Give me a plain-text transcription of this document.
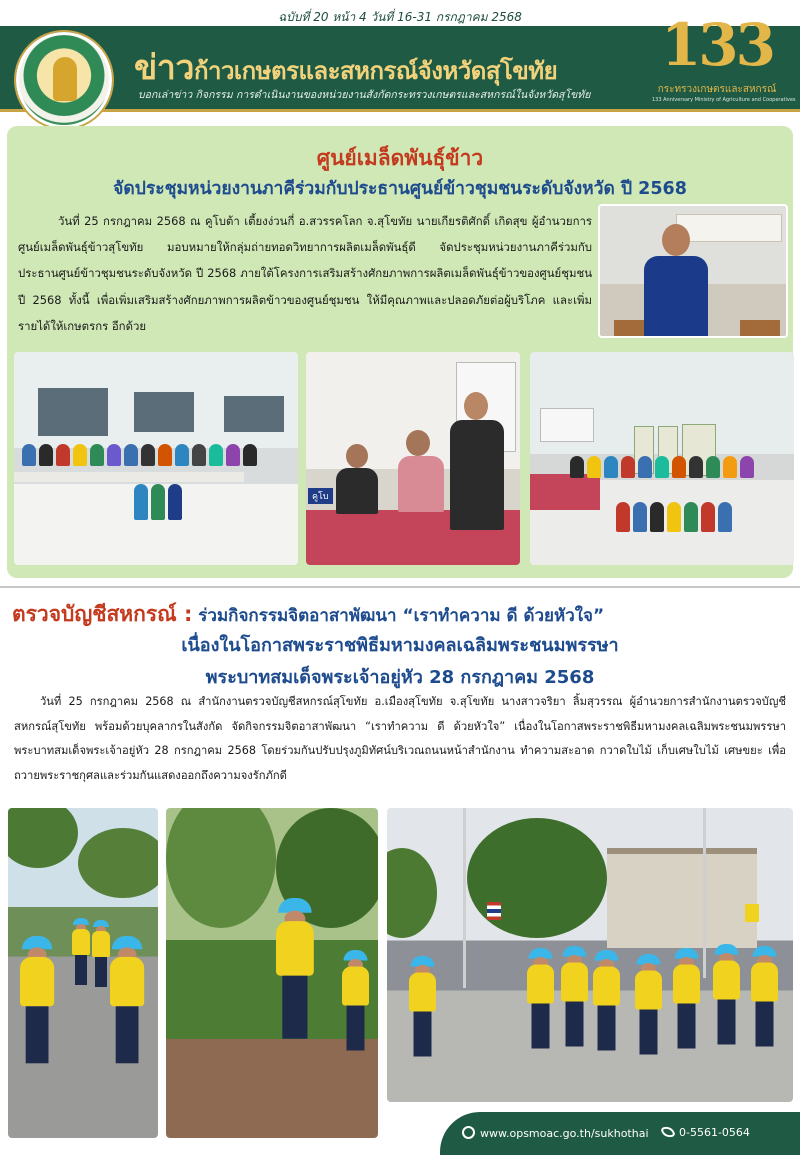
ฉบับที่ 20 หน้า 4 วันที่ 16-31 กรกฎาคม 2568
ข่าวก้าวเกษตรและสหกรณ์จังหวัดสุโขทัย
บอกเล่าข่าว กิจกรรม การดำเนินงานของหน่วยงานสังกัดกระทรวงเกษตรและสหกรณ์ในจังหวัดสุโขทัย
133
กระทรวงเกษตรและสหกรณ์
133 Anniversary Ministry of Agriculture and Cooperatives
ศูนย์เมล็ดพันธุ์ข้าว
จัดประชุมหน่วยงานภาคีร่วมกับประธานศูนย์ข้าวชุมชนระดับจังหวัด ปี 2568
วันที่ 25 กรกฎาคม 2568 ณ คูโบต้า เตี้ยงง่วนกี่ อ.สวรรคโลก จ.สุโขทัย นายเกียรติศักดิ์ เกิดสุข ผู้อำนวยการศูนย์เมล็ดพันธุ์ข้าวสุโขทัย มอบหมายให้กลุ่มถ่ายทอดวิทยาการผลิตเมล็ดพันธุ์ดี จัดประชุมหน่วยงานภาคีร่วมกับประธานศูนย์ข้าวชุมชนระดับจังหวัด ปี 2568 ภายใต้โครงการเสริมสร้างศักยภาพการผลิตเมล็ดพันธุ์ข้าวของศูนย์ชุมชน ปี 2568 ทั้งนี้ เพื่อเพิ่มเสริมสร้างศักยภาพการผลิตข้าวของศูนย์ชุมชน ให้มีคุณภาพและปลอดภัยต่อผู้บริโภค และเพิ่มรายได้ให้เกษตรกร อีกด้วย
คูโบ
ตรวจบัญชีสหกรณ์ : ร่วมกิจกรรมจิตอาสาพัฒนา “เราทำความ ดี ด้วยหัวใจ”
เนื่องในโอกาสพระราชพิธีมหามงคลเฉลิมพระชนมพรรษา
พระบาทสมเด็จพระเจ้าอยู่หัว 28 กรกฎาคม 2568
วันที่ 25 กรกฎาคม 2568 ณ สำนักงานตรวจบัญชีสหกรณ์สุโขทัย อ.เมืองสุโขทัย จ.สุโขทัย นางสาวจริยา ลิ้มสุวรรณ ผู้อำนวยการสำนักงานตรวจบัญชีสหกรณ์สุโขทัย พร้อมด้วยบุคลากรในสังกัด จัดกิจกรรมจิตอาสาพัฒนา “เราทำความ ดี ด้วยหัวใจ” เนื่องในโอกาสพระราชพิธีมหามงคลเฉลิมพระชนมพรรษาพระบาทสมเด็จพระเจ้าอยู่หัว 28 กรกฎาคม 2568 โดยร่วมกันปรับปรุงภูมิทัศน์บริเวณถนนหน้าสำนักงาน ทำความสะอาด กวาดใบไม้ เก็บเศษใบไม้ เศษขยะ เพื่อถวายพระราชกุศลและร่วมกันแสดงออกถึงความจงรักภักดี
www.opsmoac.go.th/sukhothai	0-5561-0564
